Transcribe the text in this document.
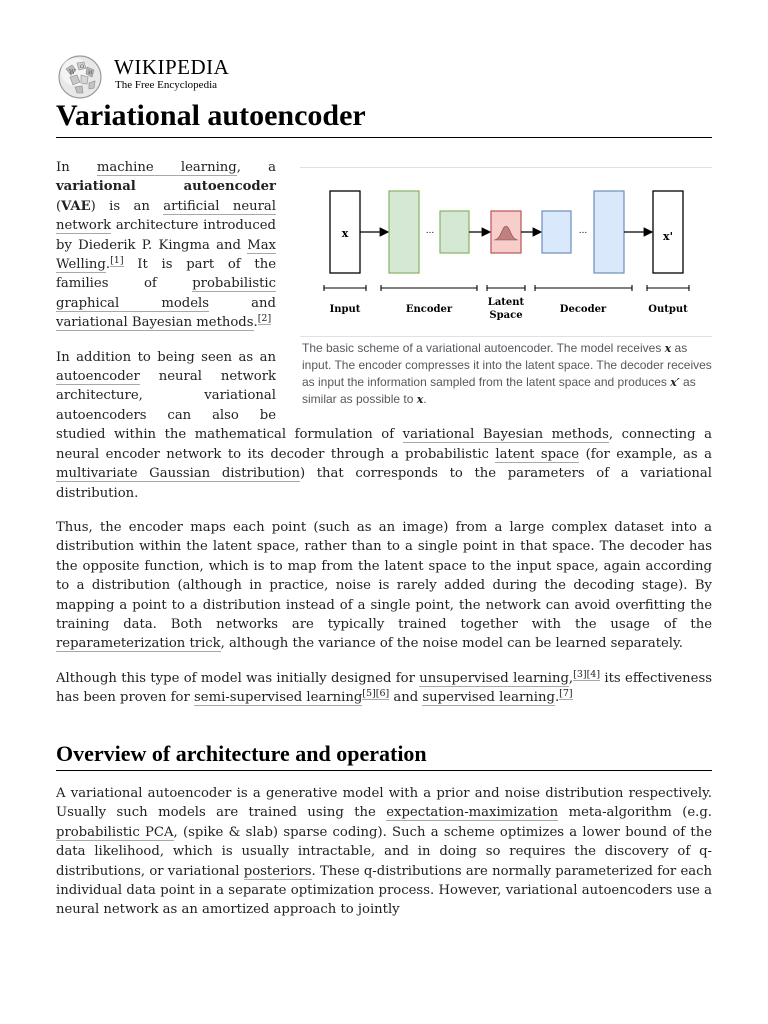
W
Ω
И WIKIPEDIA
The Free Encyclopedia
Variational autoencoder
x	...	...	x'
Input	Encoder
Latent
Space
Decoder	Output
The basic scheme of a variational autoencoder. The model receives x as input. The encoder compresses it into the latent space. The decoder receives as input the information sampled from the latent space and produces x′ as similar as possible to x.

In machine learning, a variational autoencoder (VAE) is an artificial neural network architecture introduced by Diederik P. Kingma and Max Welling.[1] It is part of the families of probabilistic graphical models and variational Bayesian methods.[2]

In addition to being seen as an autoencoder neural network architecture, variational autoencoders can also be studied within the mathematical formulation of variational Bayesian methods, connecting a neural encoder network to its decoder through a probabilistic latent space (for example, as a multivariate Gaussian distribution) that corresponds to the parameters of a variational distribution.

Thus, the encoder maps each point (such as an image) from a large complex dataset into a distribution within the latent space, rather than to a single point in that space. The decoder has the opposite function, which is to map from the latent space to the input space, again according to a distribution (although in practice, noise is rarely added during the decoding stage). By mapping a point to a distribution instead of a single point, the network can avoid overfitting the training data. Both networks are typically trained together with the usage of the reparameterization trick, although the variance of the noise model can be learned separately.

Although this type of model was initially designed for unsupervised learning,[3][4] its effectiveness has been proven for semi-supervised learning[5][6] and supervised learning.[7]

Overview of architecture and operation

A variational autoencoder is a generative model with a prior and noise distribution respectively. Usually such models are trained using the expectation-maximization meta-algorithm (e.g. probabilistic PCA, (spike & slab) sparse coding). Such a scheme optimizes a lower bound of the data likelihood, which is usually intractable, and in doing so requires the discovery of q-distributions, or variational posteriors. These q-distributions are normally parameterized for each individual data point in a separate optimization process. However, variational autoencoders use a neural network as an amortized approach to jointly
